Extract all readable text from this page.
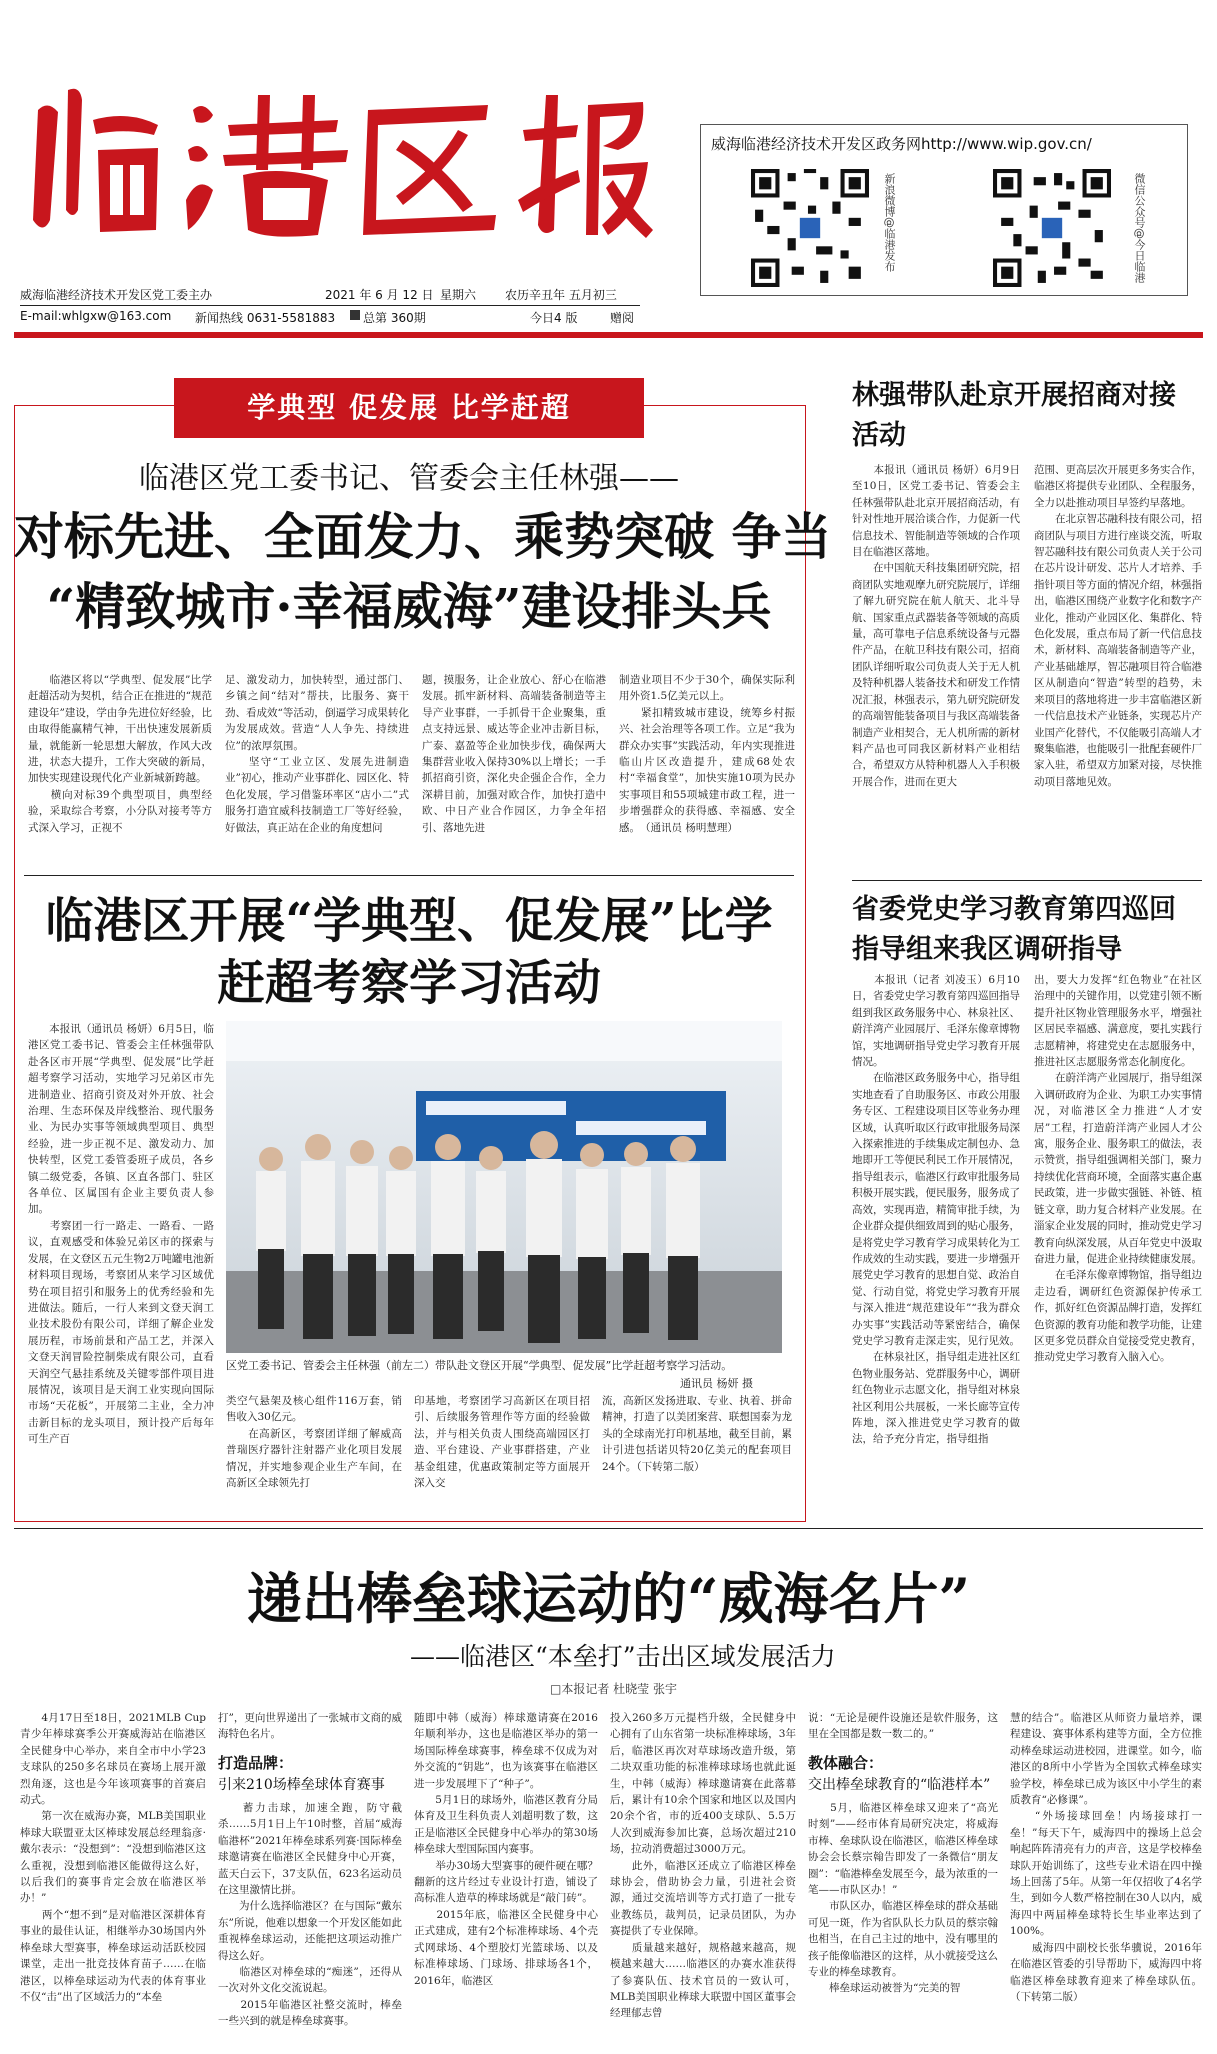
临港区报
威海临港经济技术开发区政务网http://www.wip.gov.cn/
新浪微博@临港发布	微信公众号@今日临港
威海临港经济技术开发区党工委主办	2021 年 6 月 12 日 星期六 农历辛丑年 五月初三
E-mail:whlgxw@163.com 新闻热线 0631-5581883 总第 360期	今日4 版	赠阅
学典型 促发展 比学赶超
临港区党工委书记、管委会主任林强——
对标先进、全面发力、乘势突破 争当
“精致城市·幸福威海”建设排头兵
　　临港区将以“学典型、促发展”比学赶超活动为契机，结合正在推进的“规范建设年”建设，学由争先进位好经验，比由取得能赢精气神，干出快速发展新质量，就能新一轮思想大解放，作风大改进，状态大提升，工作大突破的新局，加快实现建设现代化产业新城新跨越。
　　横向对标39个典型项目，典型经验，采取综合考察，小分队对接考等方式深入学习，正视不
足、激发动力，加快转型，通过部门、乡镇之间“结对”帮扶，比服务、赛干劲、看成效“等活动，倒逼学习成果转化为发展成效。营造“人人争先、持续进位”的浓厚氛围。
　　坚守“工业立区、发展先进制造业”初心，推动产业事群化、园区化、特色化发展，学习借鉴环率区“店小二”式服务打造宜威科技制造工厂等好经验，好做法，真正站在企业的角度想问
题，摸服务，让企业放心、舒心在临港发展。抓牢新材料、高端装备制造等主导产业事群，一手抓骨干企业聚集，重点支持远景、威达等企业冲击新目标，广泰、嘉盈等企业加快步伐，确保两大集群营业收入保持30%以上增长；一手抓招商引资，深化央企强企合作，全力深耕目前，加强对欧合作，加快打造中欧、中日产业合作园区，力争全年招引、落地先进
制造业项目不少于30个，确保实际利用外资1.5亿美元以上。
　　紧扣精致城市建设，统筹乡村振兴、社会治理等各项工作。立足“我为群众办实事”实践活动，年内实现推进临山片区改造提升，建成68处农村“幸福食堂”，加快实施10项为民办实事项目和55项城建市政工程，进一步增强群众的获得感、幸福感、安全感。　（通讯员 杨明慧理）
临港区开展“学典型、促发展”比学
赶超考察学习活动
　　本报讯（通讯员 杨妍）6月5日，临港区党工委书记、管委会主任林强带队赴各区市开展“学典型、促发展”比学赶超考察学习活动，实地学习兄弟区市先进制造业、招商引资及对外开放、社会治理、生态环保及岸线整治、现代服务业、为民办实事等领域典型项目、典型经验，进一步正视不足、激发动力、加快转型，区党工委管委班子成员，各乡镇二级党委，各镇、区直各部门、驻区各单位、区属国有企业主要负责人参加。
　　考察团一行一路走、一路看、一路议，直观感受和体验兄弟区市的探索与发展，在文登区五元生物2万吨罐电池新材料项目现场，考察团从来学习区域优势在项目招引和服务上的优秀经验和先进做法。随后，一行人来到文登天润工业技术股份有限公司，详细了解企业发展历程，市场前景和产品工艺，并深入文登天润冒险控制柴成有限公司，直看天润空气悬挂系统及关键零部件项目进展情况，该项目是天润工业实现向国际市场“天花板”，开展第二主业，全力冲击新目标的龙头项目，预计投产后每年可生产百
区党工委书记、管委会主任林强（前左二）带队赴文登区开展“学典型、促发展”比学赶超考察学习活动。
通讯员 杨妍 摄
类空气悬架及核心组件116万套，销售收入30亿元。
　　在高新区，考察团详细了解威高普瑞医疗器针注射器产业化项目发展情况，并实地参观企业生产车间，在高新区全球领先打
印基地，考察团学习高新区在项目招引、后续服务管理作等方面的经验做法，并与相关负责人围绕高端园区打造、平台建设、产业事群搭建，产业基金组建，优惠政策制定等方面展开深入交
流，高新区发扬进取、专业、执着、拼命精神，打造了以美团案营、联想国泰为龙头的全球南光打印机基地，截至目前，累计引进包括诺贝特20亿美元的配套项目24个。（下转第二版）
林强带队赴京开展招商对接活动
　　本报讯（通讯员 杨妍）6月9日至10日，区党工委书记、管委会主任林强带队赴北京开展招商活动，有针对性地开展洽谈合作，力促新一代信息技术、智能制造等领域的合作项目在临港区落地。
　　在中国航天科技集团研究院，招商团队实地观摩九研究院展厅，详细了解九研究院在航人航天、北斗导航、国家重点武器装备等领域的高质量，高可靠电子信息系统设备与元器件产品，在航卫科技有限公司，招商团队详细听取公司负责人关于无人机及特种机器人装备技术和研发工作情况汇报，林强表示，第九研究院研发的高端智能装备项目与我区高端装备制造产业相契合，无人机所需的新材料产品也可同我区新材料产业相结合，希望双方从特种机器人入手积极开展合作，进而在更大
范围、更高层次开展更多务实合作，临港区将提供专业团队、全程服务，全力以赴推动项目早签约早落地。
　　在北京智芯融科技有限公司，招商团队与项目方进行座谈交流，听取智芯融科技有限公司负责人关于公司在芯片设计研发、芯片人才培养、手指针项目等方面的情况介绍，林强指出，临港区围绕产业数字化和数字产业化，推动产业园区化、集群化、特色化发展，重点布局了新一代信息技术，新材料、高端装备制造等产业，产业基础雄厚，智芯融项目符合临港区从制造向“智造”转型的趋势，未来项目的落地将进一步丰富临港区新一代信息技术产业链条，实现芯片产业国产化替代，不仅能吸引高端人才聚集临港，也能吸引一批配套硬件厂家入驻，希望双方加紧对接，尽快推动项目落地见效。
省委党史学习教育第四巡回指导组来我区调研指导
　　本报讯（记者 刘凌玉）6月10日，省委党史学习教育第四巡回指导组到我区政务服务中心、林泉社区、蔚洋湾产业园展厅、毛泽东像章博物馆，实地调研指导党史学习教育开展情况。
　　在临港区政务服务中心，指导组实地查看了自助服务区、市政公用服务专区、工程建设项目区等业务办理区域，认真听取区行政审批服务局深入探索推进的手续集成定制包办、急地即开工等便民利民工作开展情况，指导组表示，临港区行政审批服务局积极开展实践，便民服务，服务成了高效，实现再造，精简审批手续，为企业群众提供细致周到的贴心服务，是将党史学习教育学习成果转化为工作成效的生动实践，要进一步增强开展党史学习教育的思想自觉、政治自觉、行动自觉，将党史学习教育开展与深入推进“规范建设年”“我为群众办实事”实践活动等紧密结合，确保党史学习教育走深走实，见行见效。
　　在林泉社区，指导组走进社区红色物业服务站、党群服务中心，调研红色物业示志愿文化，指导组对林泉社区利用公共展板，一米长廊等宣传阵地，深入推进党史学习教育的做法，给予充分肯定，指导组指
出，要大力发挥“红色物业”在社区治理中的关键作用，以党建引领不断提升社区物业管理服务水平，增强社区居民幸福感、满意度，要扎实践行志愿精神，将建党史在志愿服务中，推进社区志愿服务常态化制度化。
　　在蔚洋湾产业园展厅，指导组深入调研政府为企业、为职工办实事情况，对临港区全力推进“人才安居”工程，打造蔚洋湾产业园人才公寓，服务企业、服务职工的做法，表示赞赏，指导组强调相关部门，聚力持续优化营商环境，全面落实惠企惠民政策，进一步做实强链、补链、植链文章，助力复合材料产业发展。在淄家企业发展的同时，推动党史学习教育向纵深发展，从百年党史中汲取奋进力量，促进企业持续健康发展。
　　在毛泽东像章博物馆，指导组边走边看，调研红色资源保护传承工作，抓好红色资源品牌打造，发挥红色资源的教育功能和教学功能，让建区更多党员群众自觉接受党史教育，推动党史学习教育入脑入心。
递出棒垒球运动的“威海名片”
——临港区“本垒打”击出区域发展活力
□本报记者 杜晓莹 张宇
　　4月17日至18日，2021MLB Cup青少年棒球赛季公开赛威海站在临港区全民健身中心举办，来自全市中小学23支球队的250多名球员在赛场上展开激烈角逐，这也是今年该项赛事的首赛启动式。
　　第一次在威海办赛，MLB美国职业棒球大联盟亚太区棒球发展总经理翁彦·戴尔表示：“没想到”：“没想到临港区这么重视，没想到临港区能做得这么好，以后我们的赛事肯定会放在临港区举办！”
　　两个“想不到”是对临港区深耕体育事业的最佳认证，相继举办30场国内外棒垒球大型赛事，棒垒球运动活跃校园课堂，走出一批竞技体育苗子……在临港区，以棒垒球运动为代表的体育事业不仅“击”出了区域活力的“本垒
打”，更向世界递出了一张城市文商的威海特色名片。
打造品牌：
引来210场棒垒球体育赛事
　　蓄力击球，加速全跑，防守截杀……5月1日上午10时整，首届“威海临港杯”2021年棒垒球系列赛·国际棒垒球邀请赛在临港区全民健身中心开赛，蓝天白云下，37支队伍，623名运动员在这里激情比拼。
　　为什么选择临港区？在与国际“戴东东”所说，他难以想象一个开发区能如此重视棒垒球运动，还能把这项运动推广得这么好。
　　临港区对棒垒球的“痴迷”，还得从一次对外文化交流说起。
　　2015年临港区社整交流时，棒垒一些兴到的就是棒垒球赛事。
随即中韩（威海）棒球邀请赛在2016年顺利举办，这也是临港区举办的第一场国际棒垒球赛事，棒垒球不仅成为对外交流的“钥匙”，也为该赛事在临港区进一步发展埋下了“种子”。
　　5月1日的球场外，临港区教育分局体育及卫生科负责人刘超明数了数，这正是临港区全民健身中心举办的第30场棒垒球大型国际国内赛事。
　　举办30场大型赛事的硬件硬在哪？翻新的这片经过专业设计打造，铺设了高标准人造草的棒球场就是“敲门砖”。
　　2015年底，临港区全民健身中心正式建成，建有2个标准棒球场、4个壳式网球场、4个塑胶灯光篮球场、以及标准棒球场、门球场、排球场各1个，2016年，临港区
投入260多万元提档升级，全民健身中心拥有了山东省第一块标准棒球场，3年后，临港区再次对草球场改造升级，第二块双重功能的标准棒球球场也就此诞生，中韩（威海）棒球邀请赛在此落幕后，累计有10余个国家和地区以及国内20余个省，市的近400支球队、5.5万人次到威海参加比赛，总场次超过210场，拉动消费超过3000万元。
　　此外，临港区还成立了临港区棒垒球协会，借助协会力量，引进社会资源，通过交流培训等方式打造了一批专业教练员，裁判员，记录员团队，为办赛提供了专业保障。
　　质量越来越好，规格越来越高，规模越来越大……临港区的办赛水准获得了参赛队伍、技术官员的一致认可，MLB美国职业棒球大联盟中国区董事会经理郁志曾
说：“无论是硬件设施还是软件服务，这里在全国都是数一数二的。”
教体融合：
交出棒垒球教育的“临港样本”
　　5月，临港区棒垒球又迎来了“高光时刻”——经市体育局研究决定，将威海市棒、垒球队设在临港区，临港区棒垒球协会会长蔡宗翰告即发了一条微信“朋友圈”：“临港棒垒发展至今，最为浓重的一笔——市队区办！”
　　市队区办，临港区棒垒球的群众基础可见一斑，作为省队队长力队员的蔡宗翰也相当，在自己主过的地中，没有哪里的孩子能像临港区的这样，从小就接受这么专业的棒垒球教育。
　　棒垒球运动被誉为“完美的智
慧的结合”。临港区从师资力量培养，课程建设、赛事体系构建等方面，全方位推动棒垒球运动进校园，进课堂。如今，临港区的8所中小学皆为全国软式棒垒球实验学校，棒垒球已成为该区中小学生的素质教育“必修课”。
　　“外场接球回垒！内场接球打一垒！”每天下午，威海四中的操场上总会响起阵阵清亮有力的声音，这是学校棒垒球队开始训练了，这些专业术语在四中操场上回荡了5年。从第一年仅招收了4名学生，到如今人数严格控制在30人以内，威海四中两届棒垒球特长生毕业率达到了100%。
　　威海四中副校长张华骥说，2016年在临港区管委的引导帮助下，威海四中将临港区棒垒球教育迎来了棒垒球队伍。（下转第二版）
